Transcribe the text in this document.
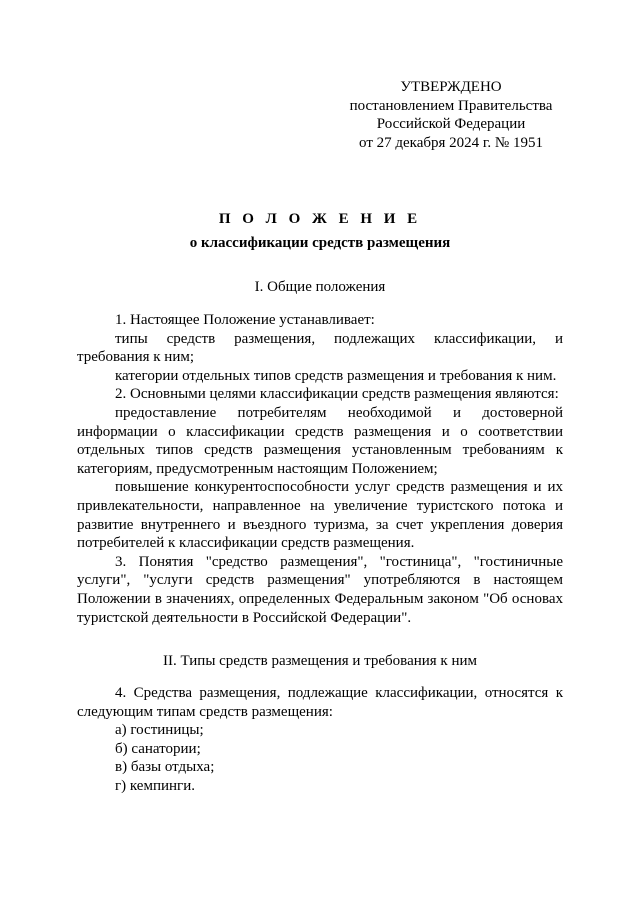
УТВЕРЖДЕНО
постановлением Правительства
Российской Федерации
от 27 декабря 2024 г. № 1951
П О Л О Ж Е Н И Е
о классификации средств размещения
I. Общие положения

1. Настоящее Положение устанавливает:

типы средств размещения, подлежащих классификации, и требования к ним;

категории отдельных типов средств размещения и требования к ним.

2. Основными целями классификации средств размещения являются:

предоставление потребителям необходимой и достоверной информации о классификации средств размещения и о соответствии отдельных типов средств размещения установленным требованиям к категориям, предусмотренным настоящим Положением;

повышение конкурентоспособности услуг средств размещения и их привлекательности, направленное на увеличение туристского потока и развитие внутреннего и въездного туризма, за счет укрепления доверия потребителей к классификации средств размещения.

3. Понятия "средство размещения", "гостиница", "гостиничные услуги", "услуги средств размещения" употребляются в настоящем Положении в значениях, определенных Федеральным законом "Об основах туристской деятельности в Российской Федерации".

II. Типы средств размещения и требования к ним

4. Средства размещения, подлежащие классификации, относятся к следующим типам средств размещения:

а) гостиницы;

б) санатории;

в) базы отдыха;

г) кемпинги.
